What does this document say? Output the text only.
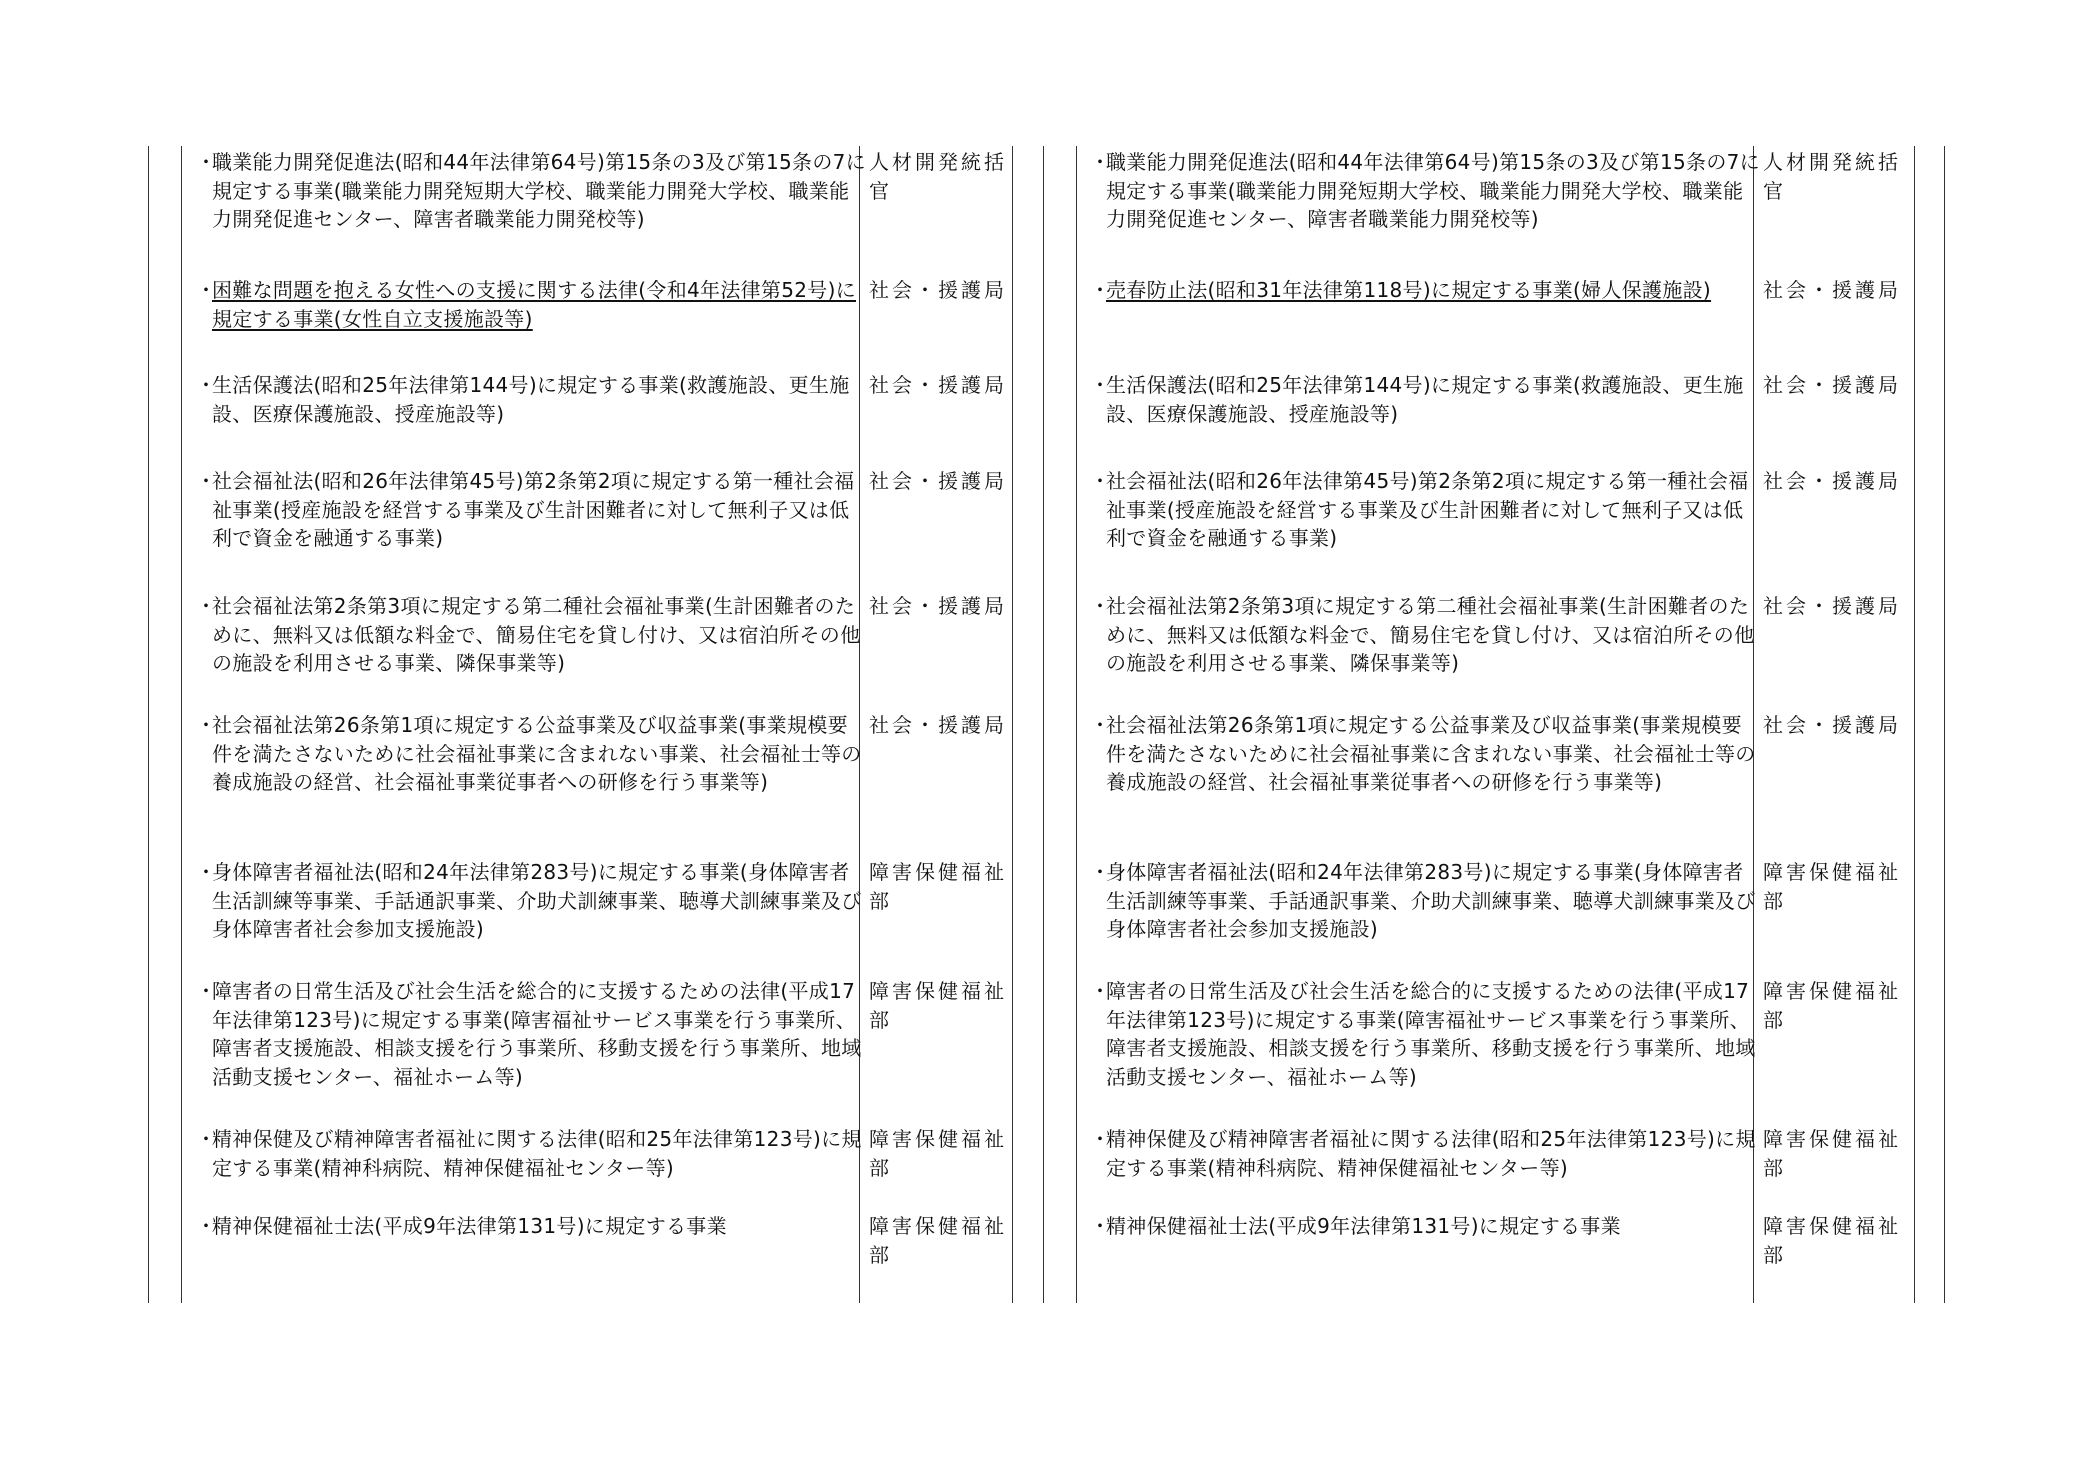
・職業能力開発促進法(昭和44年法律第64号)第15条の3及び第15条の7に規定する事業(職業能力開発短期大学校、職業能力開発大学校、職業能力開発促進センター、障害者職業能力開発校等)
人材開発統括官
・困難な問題を抱える女性への支援に関する法律(令和4年法律第52号)に規定する事業(女性自立支援施設等)
社会・援護局
・生活保護法(昭和25年法律第144号)に規定する事業(救護施設、更生施設、医療保護施設、授産施設等)
社会・援護局
・社会福祉法(昭和26年法律第45号)第2条第2項に規定する第一種社会福祉事業(授産施設を経営する事業及び生計困難者に対して無利子又は低利で資金を融通する事業)
社会・援護局
・社会福祉法第2条第3項に規定する第二種社会福祉事業(生計困難者のために、無料又は低額な料金で、簡易住宅を貸し付け、又は宿泊所その他の施設を利用させる事業、隣保事業等)
社会・援護局
・社会福祉法第26条第1項に規定する公益事業及び収益事業(事業規模要件を満たさないために社会福祉事業に含まれない事業、社会福祉士等の養成施設の経営、社会福祉事業従事者への研修を行う事業等)
社会・援護局
・身体障害者福祉法(昭和24年法律第283号)に規定する事業(身体障害者生活訓練等事業、手話通訳事業、介助犬訓練事業、聴導犬訓練事業及び身体障害者社会参加支援施設)
障害保健福祉部
・障害者の日常生活及び社会生活を総合的に支援するための法律(平成17年法律第123号)に規定する事業(障害福祉サービス事業を行う事業所、障害者支援施設、相談支援を行う事業所、移動支援を行う事業所、地域活動支援センター、福祉ホーム等)
障害保健福祉部
・精神保健及び精神障害者福祉に関する法律(昭和25年法律第123号)に規定する事業(精神科病院、精神保健福祉センター等)
障害保健福祉部
・精神保健福祉士法(平成9年法律第131号)に規定する事業	障害保健福祉部
・職業能力開発促進法(昭和44年法律第64号)第15条の3及び第15条の7に規定する事業(職業能力開発短期大学校、職業能力開発大学校、職業能力開発促進センター、障害者職業能力開発校等)
人材開発統括官
・売春防止法(昭和31年法律第118号)に規定する事業(婦人保護施設)	社会・援護局
・生活保護法(昭和25年法律第144号)に規定する事業(救護施設、更生施設、医療保護施設、授産施設等)
社会・援護局
・社会福祉法(昭和26年法律第45号)第2条第2項に規定する第一種社会福祉事業(授産施設を経営する事業及び生計困難者に対して無利子又は低利で資金を融通する事業)
社会・援護局
・社会福祉法第2条第3項に規定する第二種社会福祉事業(生計困難者のために、無料又は低額な料金で、簡易住宅を貸し付け、又は宿泊所その他の施設を利用させる事業、隣保事業等)
社会・援護局
・社会福祉法第26条第1項に規定する公益事業及び収益事業(事業規模要件を満たさないために社会福祉事業に含まれない事業、社会福祉士等の養成施設の経営、社会福祉事業従事者への研修を行う事業等)
社会・援護局
・身体障害者福祉法(昭和24年法律第283号)に規定する事業(身体障害者生活訓練等事業、手話通訳事業、介助犬訓練事業、聴導犬訓練事業及び身体障害者社会参加支援施設)
障害保健福祉部
・障害者の日常生活及び社会生活を総合的に支援するための法律(平成17年法律第123号)に規定する事業(障害福祉サービス事業を行う事業所、障害者支援施設、相談支援を行う事業所、移動支援を行う事業所、地域活動支援センター、福祉ホーム等)
障害保健福祉部
・精神保健及び精神障害者福祉に関する法律(昭和25年法律第123号)に規定する事業(精神科病院、精神保健福祉センター等)
障害保健福祉部
・精神保健福祉士法(平成9年法律第131号)に規定する事業	障害保健福祉部
